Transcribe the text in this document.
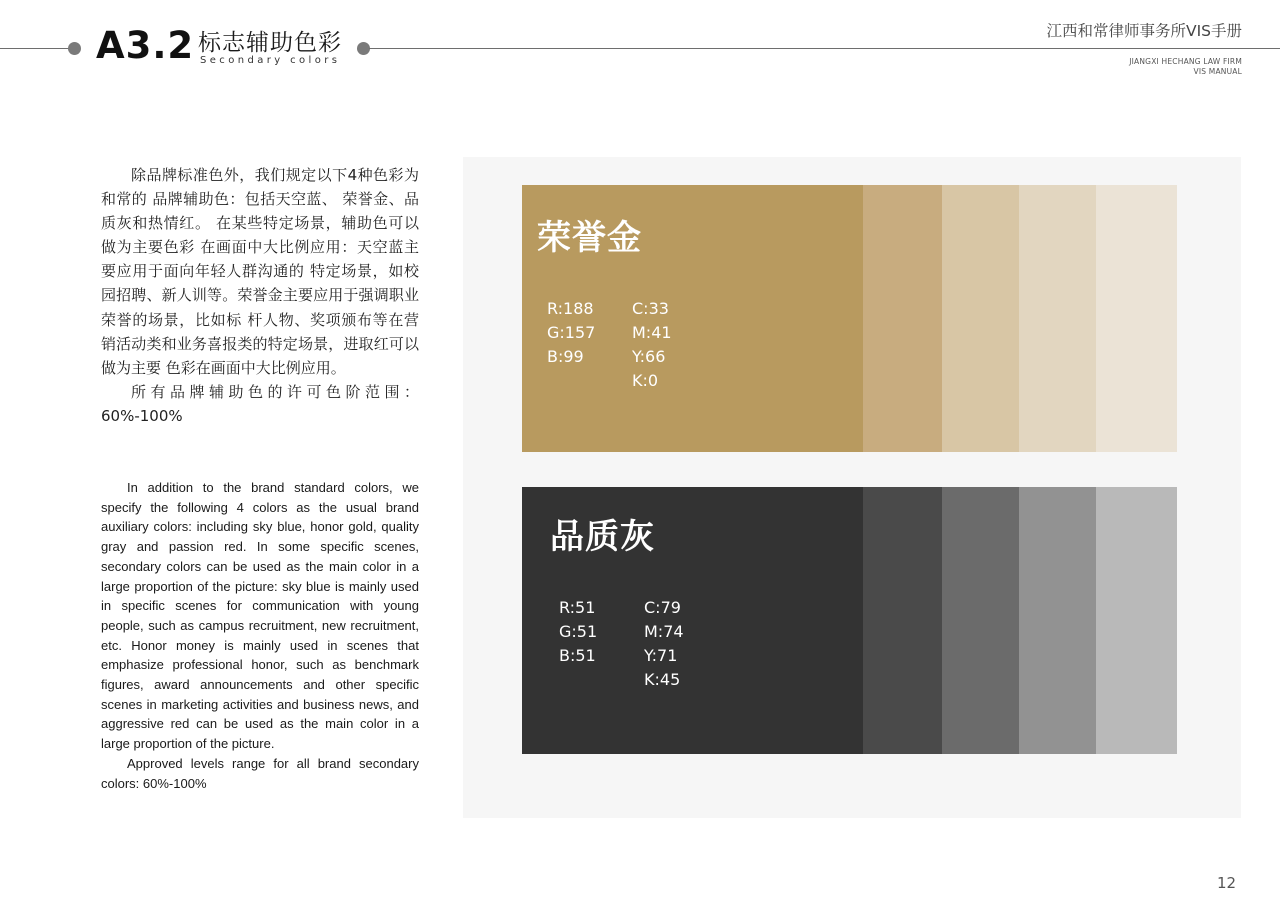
A3.2 标志辅助色彩
Secondary colors
江西和常律师事务所VIS手册
JIANGXI HECHANG LAW FIRM
VIS MANUAL

除品牌标准色外，我们规定以下4种色彩为和常的 品牌辅助色：包括天空蓝、 荣誉金、品质灰和热情红。 在某些特定场景，辅助色可以做为主要色彩 在画面中大比例应用：天空蓝主要应用于面向年轻人群沟通的 特定场景，如校园招聘、新人训等。荣誉金主要应用于强调职业荣誉的场景，比如标 杆人物、奖项颁布等在营销活动类和业务喜报类的特定场景，进取红可以做为主要 色彩在画面中大比例应用。

所有品牌辅助色的许可色阶范围：60%-100%

In addition to the brand standard colors, we specify the following 4 colors as the usual brand auxiliary colors: including sky blue, honor gold, quality gray and passion red. In some specific scenes, secondary colors can be used as the main color in a large proportion of the picture: sky blue is mainly used in specific scenes for communication with young people, such as campus recruitment, new recruitment, etc. Honor money is mainly used in scenes that emphasize professional honor, such as benchmark figures, award announcements and other specific scenes in marketing activities and business news, and aggressive red can be used as the main color in a large proportion of the picture.

Approved levels range for all brand secondary colors: 60%-100%

荣誉金
R:188
G:157
B:99
C:33
M:41
Y:66
K:0
品质灰
R:51
G:51
B:51
C:79
M:74
Y:71
K:45
12
